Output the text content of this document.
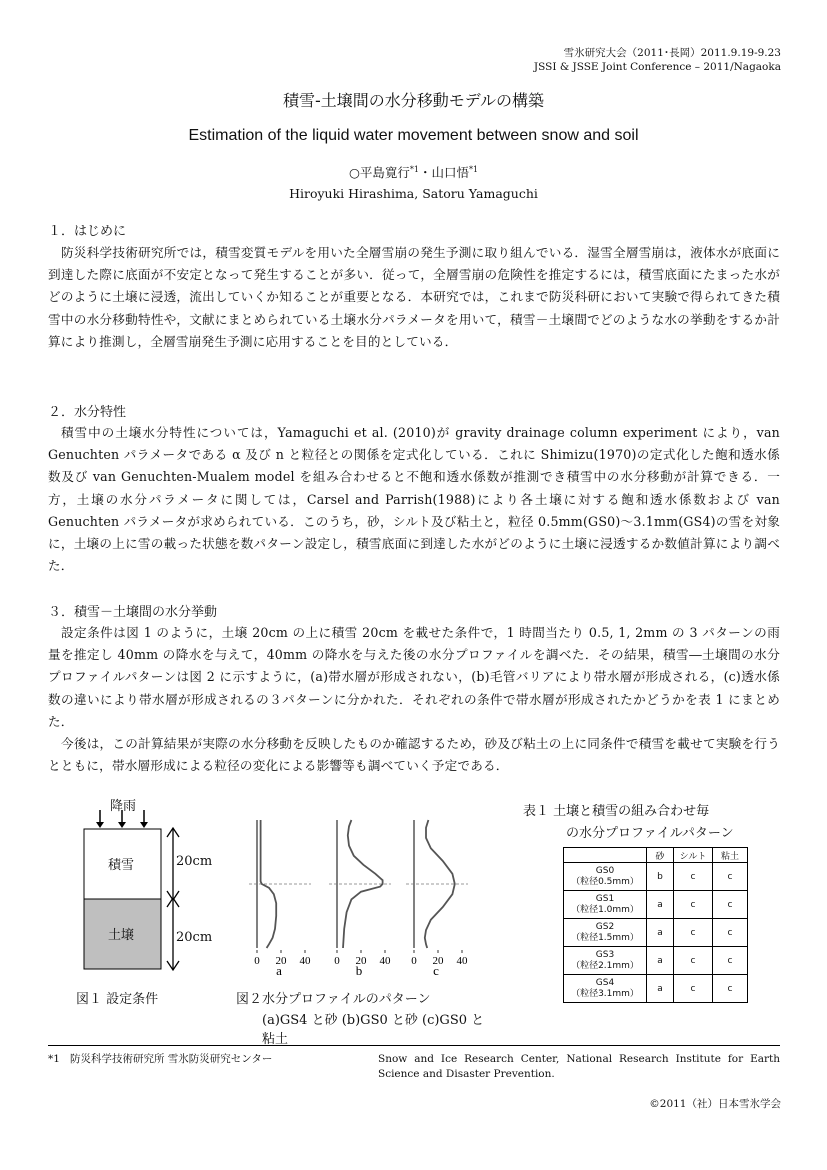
雪氷研究大会（2011･長岡）2011.9.19-9.23
JSSI & JSSE Joint Conference – 2011/Nagaoka
積雪-土壌間の水分移動モデルの構築
Estimation of the liquid water movement between snow and soil
○平島寛行$^{*1}$・山口悟$^{*1}$
Hiroyuki Hirashima, Satoru Yamaguchi
１．はじめに
防災科学技術研究所では，積雪変質モデルを用いた全層雪崩の発生予測に取り組んでいる．湿雪全層雪崩は，液体水が底面に到達した際に底面が不安定となって発生することが多い．従って，全層雪崩の危険性を推定するには，積雪底面にたまった水がどのように土壌に浸透，流出していくか知ることが重要となる．本研究では，これまで防災科研において実験で得られてきた積雪中の水分移動特性や，文献にまとめられている土壌水分パラメータを用いて，積雪－土壌間でどのような水の挙動をするか計算により推測し，全層雪崩発生予測に応用することを目的としている．
２．水分特性
積雪中の土壌水分特性については，Yamaguchi et al. (2010)が gravity drainage column experiment により，van Genuchten パラメータである α 及び n と粒径との関係を定式化している．これに Shimizu(1970)の定式化した飽和透水係数及び van Genuchten-Mualem model を組み合わせると不飽和透水係数が推測でき積雪中の水分移動が計算できる．一方，土壌の水分パラメータに関しては，Carsel and Parrish(1988)により各土壌に対する飽和透水係数および van Genuchten パラメータが求められている．このうち，砂，シルト及び粘土と，粒径 0.5mm(GS0)～3.1mm(GS4)の雪を対象に，土壌の上に雪の載った状態を数パターン設定し，積雪底面に到達した水がどのように土壌に浸透するか数値計算により調べた．
３．積雪－土壌間の水分挙動
設定条件は図 1 のように，土壌 20cm の上に積雪 20cm を載せた条件で，1 時間当たり 0.5, 1, 2mm の 3 パターンの雨量を推定し 40mm の降水を与えて，40mm の降水を与えた後の水分プロファイルを調べた．その結果，積雪―土壌間の水分プロファイルパターンは図 2 に示すように，(a)帯水層が形成されない，(b)毛管バリアにより帯水層が形成される，(c)透水係数の違いにより帯水層が形成されるの３パターンに分かれた．それぞれの条件で帯水層が形成されたかどうかを表 1 にまとめた．
今後は，この計算結果が実際の水分移動を反映したものか確認するため，砂及び粘土の上に同条件で積雪を載せて実験を行うとともに，帯水層形成による粒径の変化による影響等も調べていく予定である．
降雨
積雪
土壌
20cm
20cm
図１ 設定条件
0 20 40
a
0 20 40
b
0 20 40
c
図２水分プロファイルのパターン
(a)GS4 と砂 (b)GS0 と砂 (c)GS0 と粘土
表１ 土壌と積雪の組み合わせ毎
の水分プロファイルパターン
	砂	シルト	粘土

GS0
（粒径0.5mm）	b	c	c

GS1
（粒径1.0mm）	a	c	c

GS2
（粒径1.5mm）	a	c	c

GS3
（粒径2.1mm）	a	c	c

GS4
（粒径3.1mm）	a	c	c
*1 防災科学技術研究所 雪氷防災研究センター	Snow and Ice Research Center, National Research Institute for Earth Science and Disaster Prevention.
©2011（社）日本雪氷学会
